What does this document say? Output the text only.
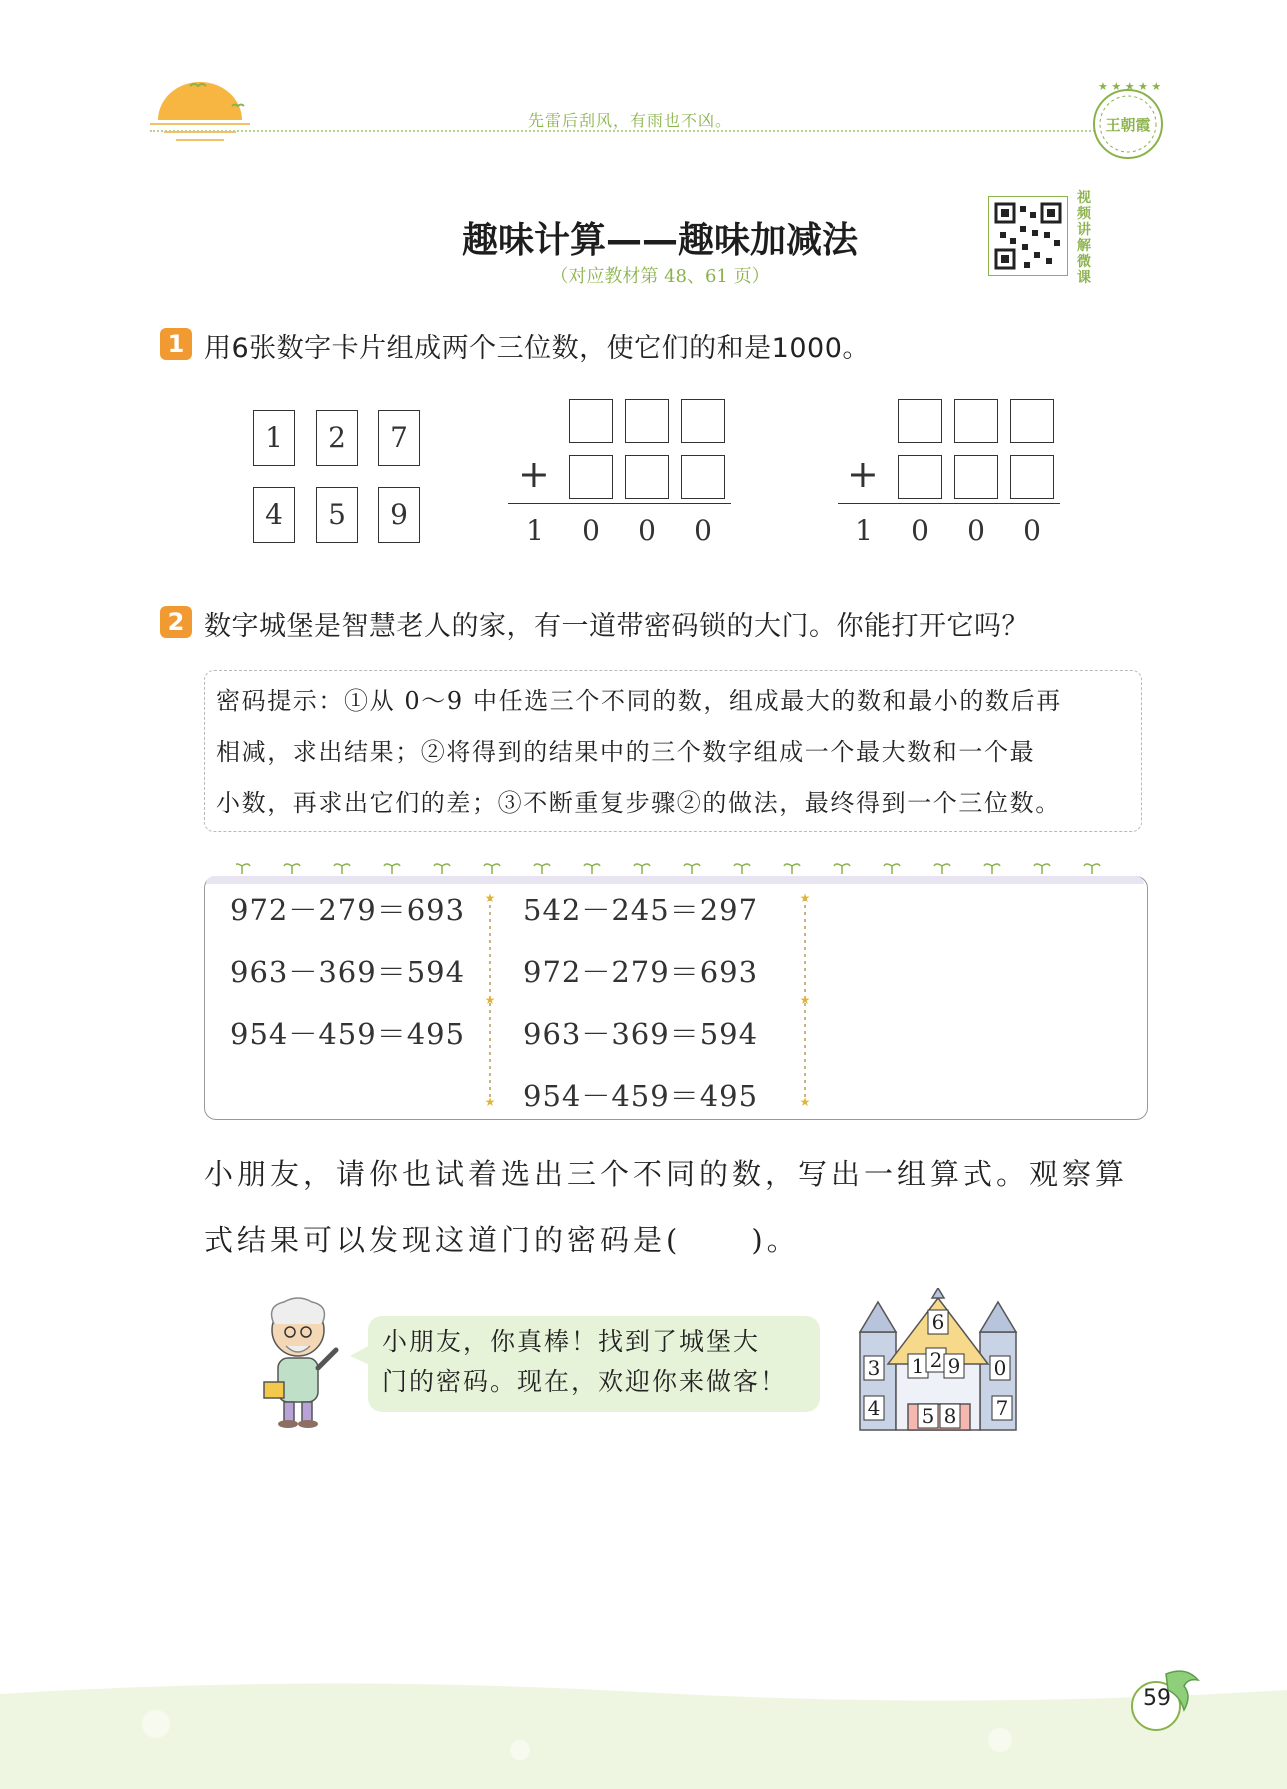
先雷后刮风，有雨也不凶。
★ ★ ★ ★ ★
王朝霞
趣味计算——趣味加减法
（对应教材第 48、61 页）
视频讲解微课
1 用6张数字卡片组成两个三位数，使它们的和是1000。
1	2	7
4	5	9
+
1	0	0	0
+
1	0	0	0
2 数字城堡是智慧老人的家，有一道带密码锁的大门。你能打开它吗？
密码提示：①从 0～9 中任选三个不同的数，组成最大的数和最小的数后再
相减，求出结果；②将得到的结果中的三个数字组成一个最大数和一个最
小数，再求出它们的差；③不断重复步骤②的做法，最终得到一个三位数。
972－279＝693
963－369＝594
954－459＝495
★
★
★
542－245＝297
972－279＝693
963－369＝594
954－459＝495
★
★
★
小朋友，请你也试着选出三个不同的数，写出一组算式。观察算
式结果可以发现这道门的密码是( )。
小朋友，你真棒！找到了城堡大
门的密码。现在，欢迎你来做客！
6
3 1 2 9 0
4 5 8 7
59
